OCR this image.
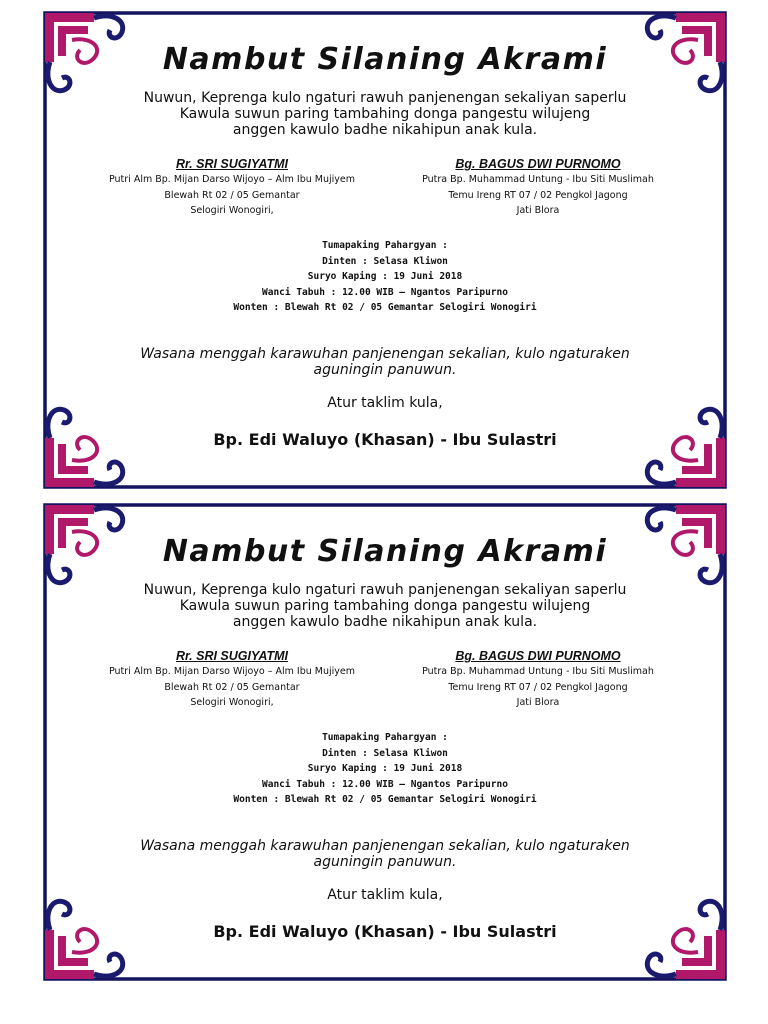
Nambut Silaning Akrami
Nuwun, Keprenga kulo ngaturi rawuh panjenengan sekaliyan saperlu
Kawula suwun paring tambahing donga pangestu wilujeng
anggen kawulo badhe nikahipun anak kula.
Rr. SRI SUGIYATMI
Putri Alm Bp. Mijan Darso Wijoyo – Alm Ibu Mujiyem
Blewah Rt 02 / 05 Gemantar
Selogiri Wonogiri,
Bg. BAGUS DWI PURNOMO
Putra Bp. Muhammad Untung - Ibu Siti Muslimah
Temu Ireng RT 07 / 02 Pengkol Jagong
Jati Blora
Tumapaking Pahargyan :
Dinten : Selasa Kliwon
Suryo Kaping : 19 Juni 2018
Wanci Tabuh : 12.00 WIB – Ngantos Paripurno
Wonten : Blewah Rt 02 / 05 Gemantar Selogiri Wonogiri
Wasana menggah karawuhan panjenengan sekalian, kulo ngaturaken
aguningin panuwun.
Atur taklim kula,
Bp. Edi Waluyo (Khasan) - Ibu Sulastri
Nambut Silaning Akrami
Nuwun, Keprenga kulo ngaturi rawuh panjenengan sekaliyan saperlu
Kawula suwun paring tambahing donga pangestu wilujeng
anggen kawulo badhe nikahipun anak kula.
Rr. SRI SUGIYATMI
Putri Alm Bp. Mijan Darso Wijoyo – Alm Ibu Mujiyem
Blewah Rt 02 / 05 Gemantar
Selogiri Wonogiri,
Bg. BAGUS DWI PURNOMO
Putra Bp. Muhammad Untung - Ibu Siti Muslimah
Temu Ireng RT 07 / 02 Pengkol Jagong
Jati Blora
Tumapaking Pahargyan :
Dinten : Selasa Kliwon
Suryo Kaping : 19 Juni 2018
Wanci Tabuh : 12.00 WIB – Ngantos Paripurno
Wonten : Blewah Rt 02 / 05 Gemantar Selogiri Wonogiri
Wasana menggah karawuhan panjenengan sekalian, kulo ngaturaken
aguningin panuwun.
Atur taklim kula,
Bp. Edi Waluyo (Khasan) - Ibu Sulastri
